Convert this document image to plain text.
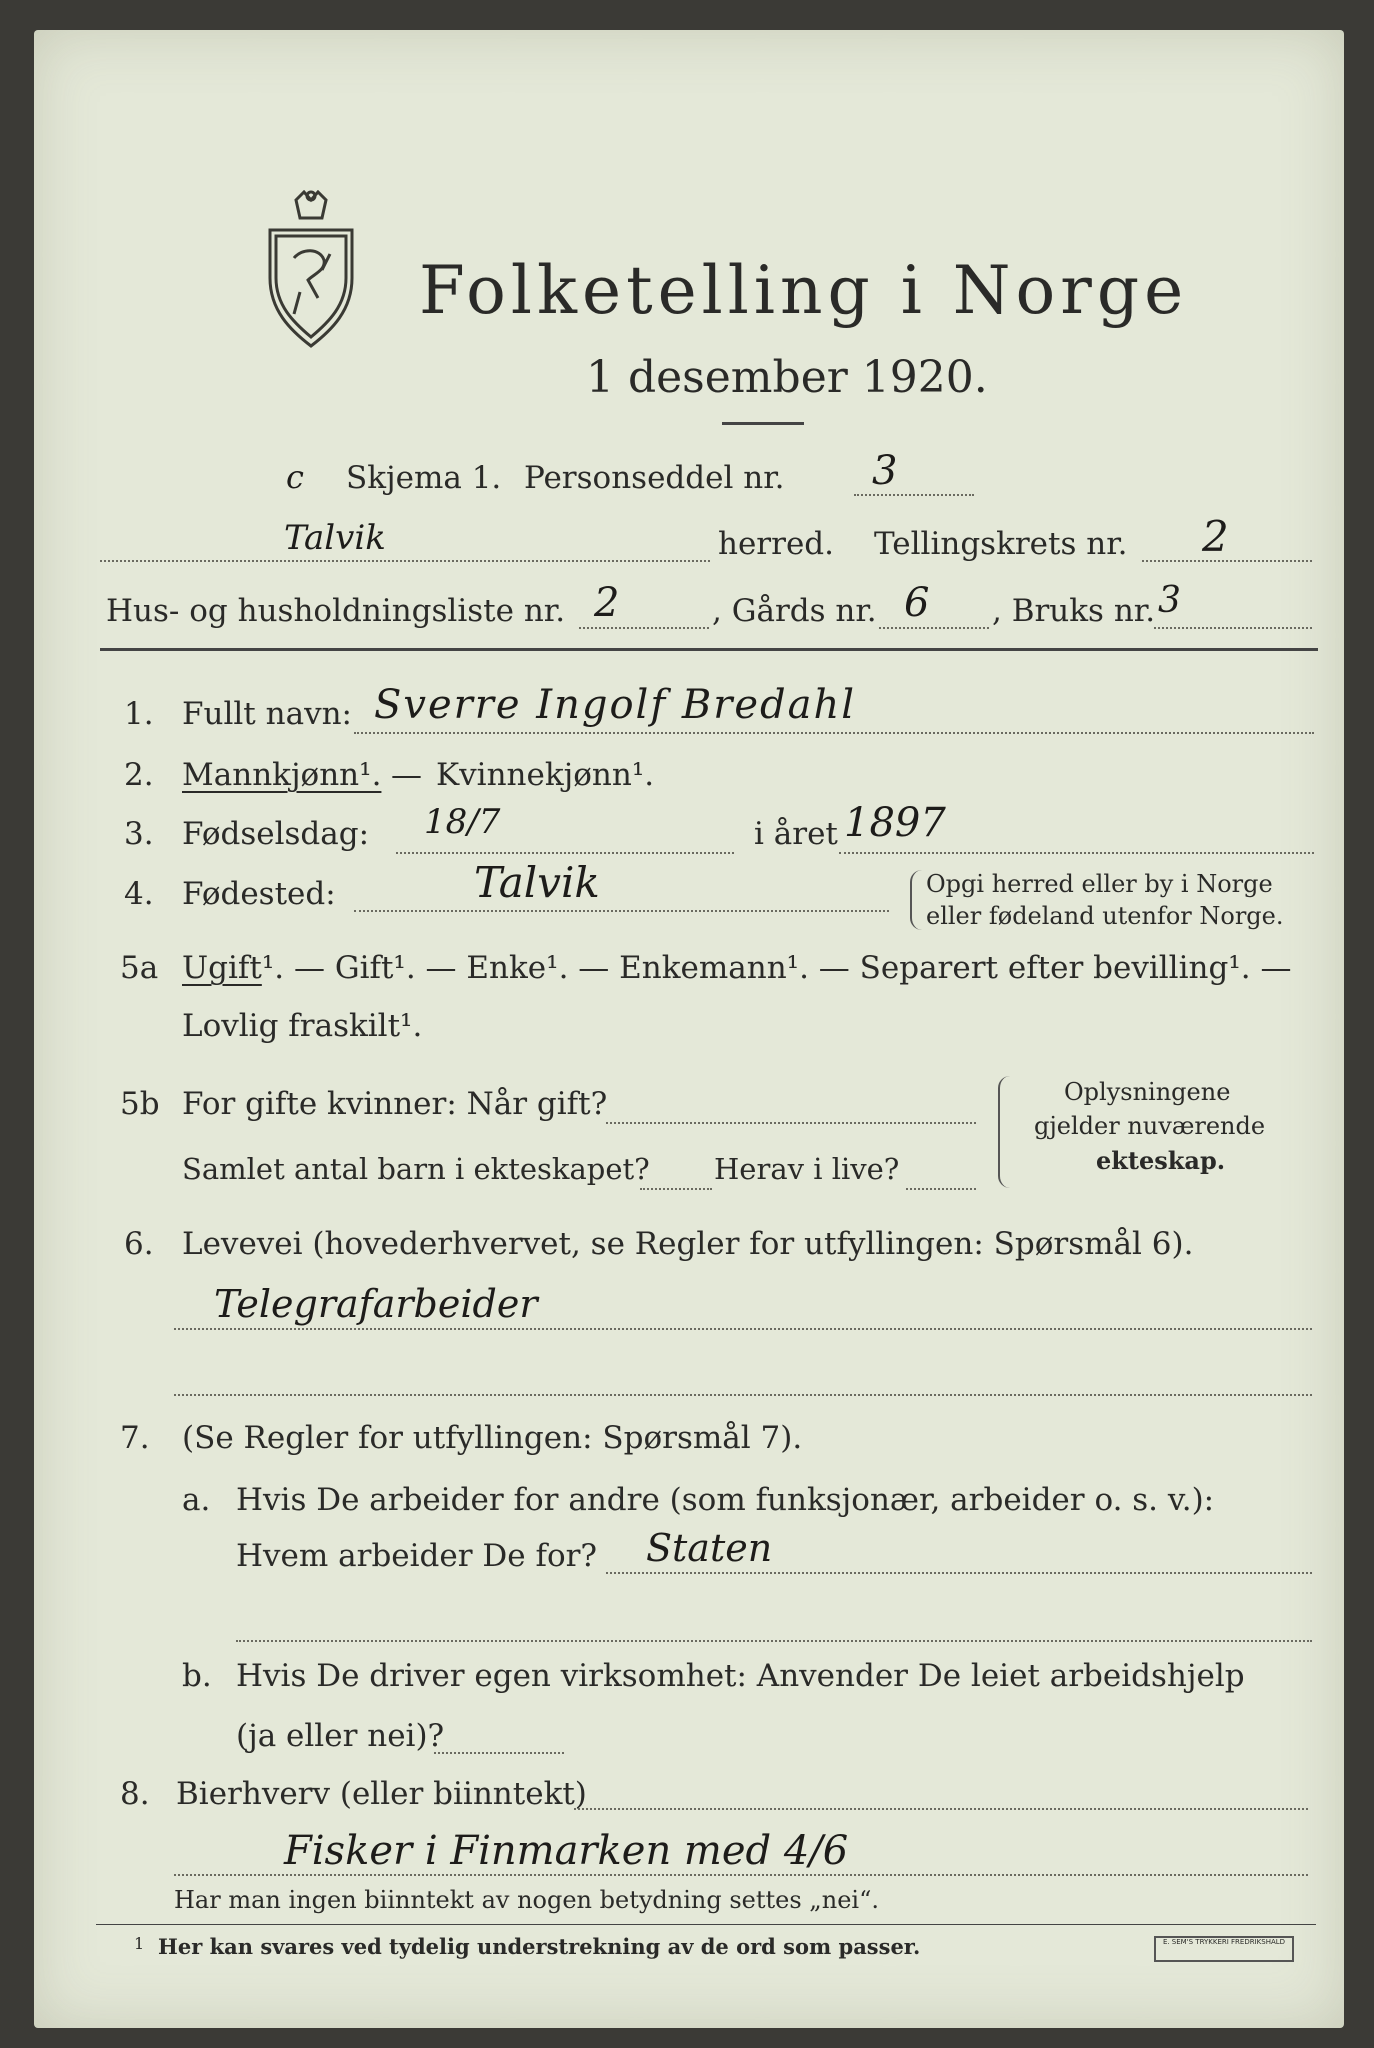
Folketelling i Norge
1 desember 1920.
c Skjema 1. Personseddel nr. 3
Talvik	herred. Tellingskrets nr. 2
Hus- og husholdningsliste nr. 2	, Gårds nr. 6 , Bruks nr. 3
1. Fullt navn: Sverre Ingolf Bredahl
2. Mannkjønn¹. — Kvinnekjønn¹.
3. Fødselsdag: 18/7	i året 1897
4. Fødested:	Talvik	Opgi herred eller by i Norge
eller fødeland utenfor Norge.
5a Ugift¹. — Gift¹. — Enke¹. — Enkemann¹. — Separert efter bevilling¹. —
Lovlig fraskilt¹.
5b For gifte kvinner: Når gift?
Samlet antal barn i ekteskapet? Herav i live?
Oplysningene
gjelder nuværende
ekteskap.
6. Levevei (hovederhvervet, se Regler for utfyllingen: Spørsmål 6).
Telegrafarbeider
7. (Se Regler for utfyllingen: Spørsmål 7).
a. Hvis De arbeider for andre (som funksjonær, arbeider o. s. v.):
Hvem arbeider De for? Staten
b. Hvis De driver egen virksomhet: Anvender De leiet arbeidshjelp
(ja eller nei)?
8. Bierhverv (eller biinntekt)
Fisker i Finmarken med 4/6
Har man ingen biinntekt av nogen betydning settes „nei“.
1 Her kan svares ved tydelig understrekning av de ord som passer.	E. SEM'S TRYKKERI FREDRIKSHALD
